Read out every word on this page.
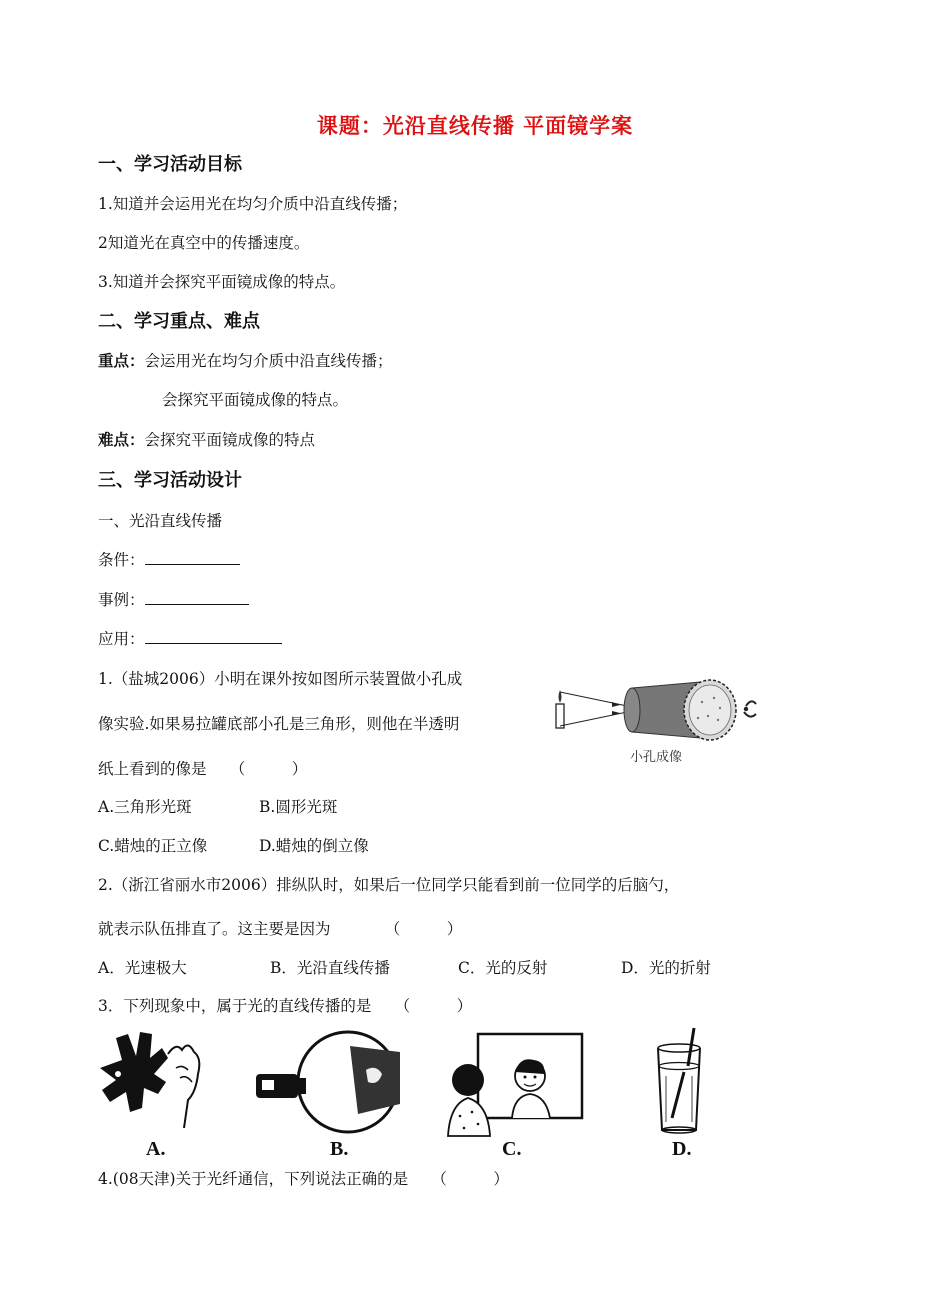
课题：光沿直线传播 平面镜学案
一、学习活动目标
1.知道并会运用光在均匀介质中沿直线传播；
2知道光在真空中的传播速度。
3.知道并会探究平面镜成像的特点。
二、学习重点、难点
重点：会运用光在均匀介质中沿直线传播；
会探究平面镜成像的特点。
难点：会探究平面镜成像的特点
三、学习活动设计
一、光沿直线传播
条件：
事例：
应用：
1.（盐城2006）小明在课外按如图所示装置做小孔成
像实验.如果易拉罐底部小孔是三角形，则他在半透明
纸上看到的像是　　（　　　）
小孔成像
A.三角形光斑	B.圆形光斑
C.蜡烛的正立像	D.蜡烛的倒立像
2.（浙江省丽水市2006）排纵队时，如果后一位同学只能看到前一位同学的后脑勺，
就表示队伍排直了。这主要是因为　　　　（　　　）
A．光速极大	B．光沿直线传播	C．光的反射	D．光的折射
3．下列现象中，属于光的直线传播的是　　（　　　）
A.	B.	C.	D.
4.(08天津)关于光纤通信，下列说法正确的是　　（　　　）
